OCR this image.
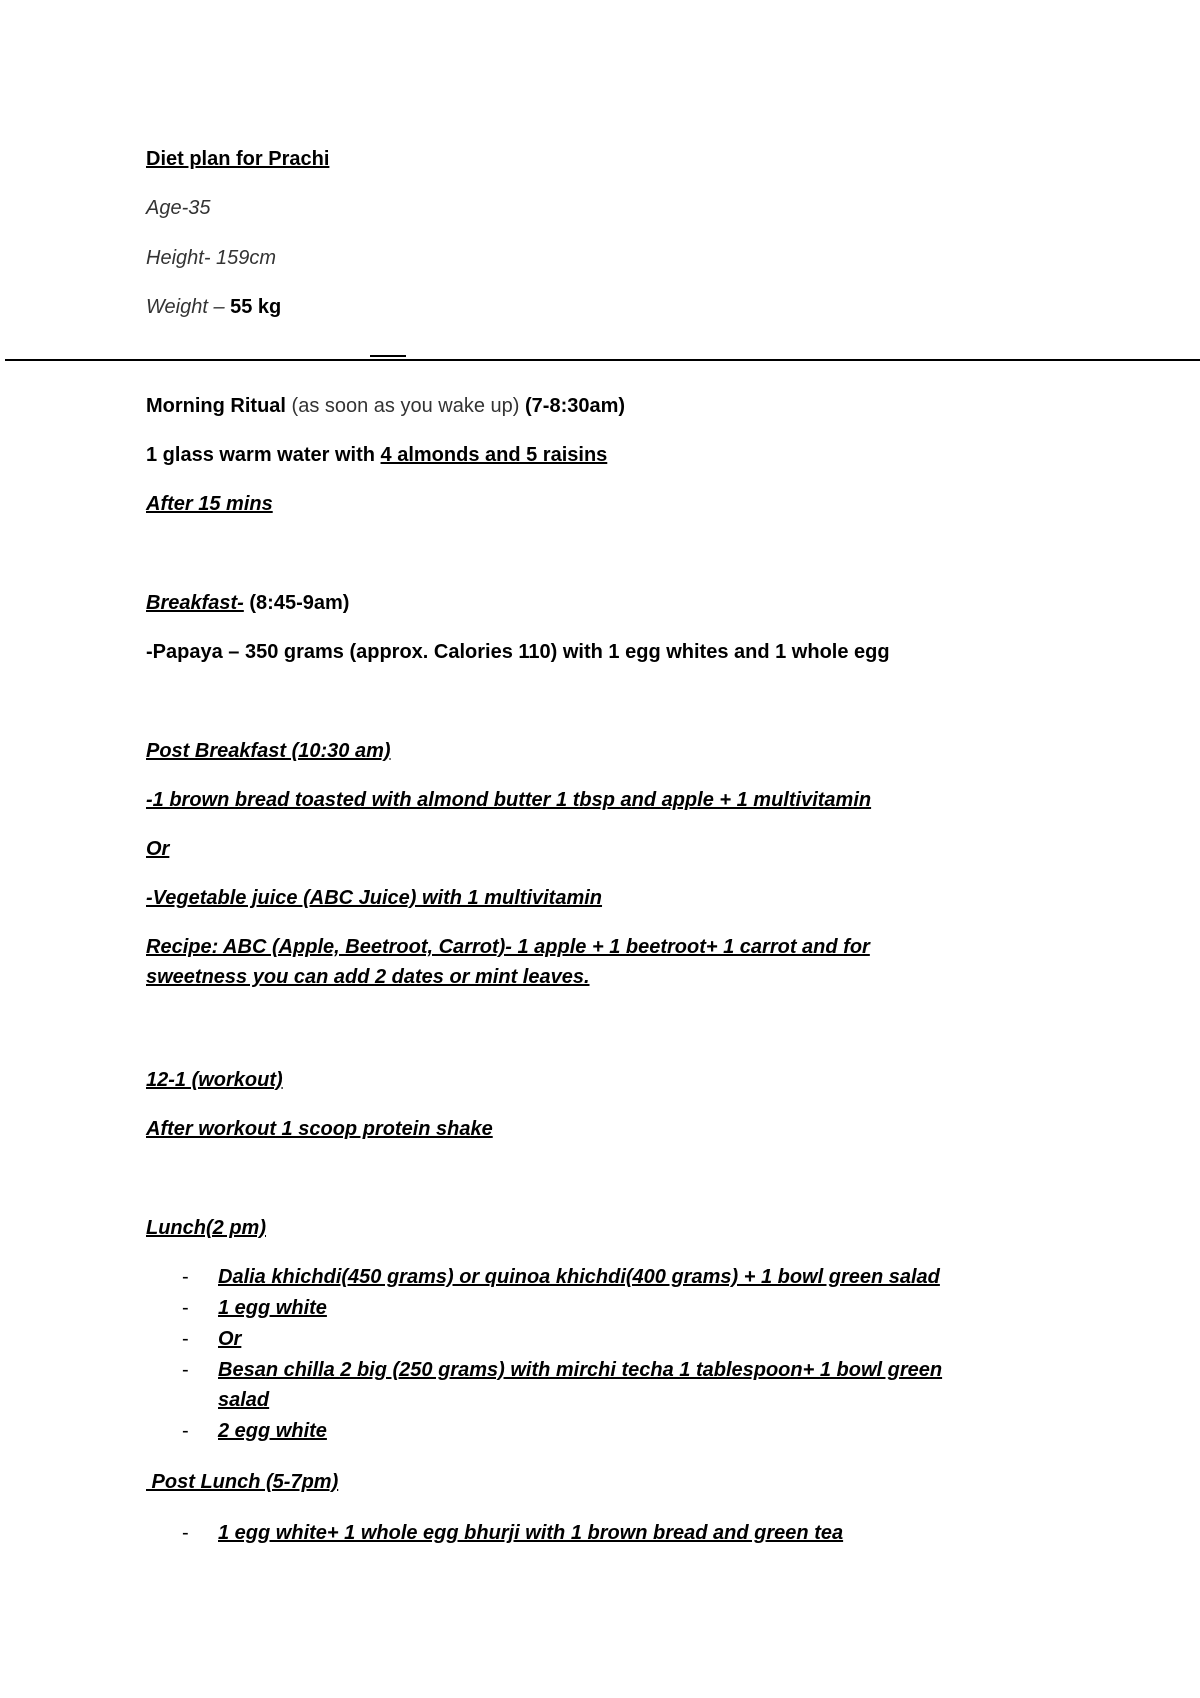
Diet plan for Prachi
Age-35
Height- 159cm
Weight – 55 kg
Morning Ritual (as soon as you wake up) (7-8:30am)
1 glass warm water with 4 almonds and 5 raisins
After 15 mins
Breakfast- (8:45-9am)
-Papaya – 350 grams (approx. Calories 110) with 1 egg whites and 1 whole egg
Post Breakfast (10:30 am)
-1 brown bread toasted with almond butter 1 tbsp and apple + 1 multivitamin
Or
-Vegetable juice (ABC Juice) with 1 multivitamin
Recipe: ABC (Apple, Beetroot, Carrot)- 1 apple + 1 beetroot+ 1 carrot and for
sweetness you can add 2 dates or mint leaves.
12-1 (workout)
After workout 1 scoop protein shake
Lunch(2 pm)
-	Dalia khichdi(450 grams) or quinoa khichdi(400 grams) + 1 bowl green salad
-	1 egg white
-	Or
-	Besan chilla 2 big (250 grams) with mirchi techa 1 tablespoon+ 1 bowl green
salad
-	2 egg white
Post Lunch (5-7pm)
-	1 egg white+ 1 whole egg bhurji with 1 brown bread and green tea
